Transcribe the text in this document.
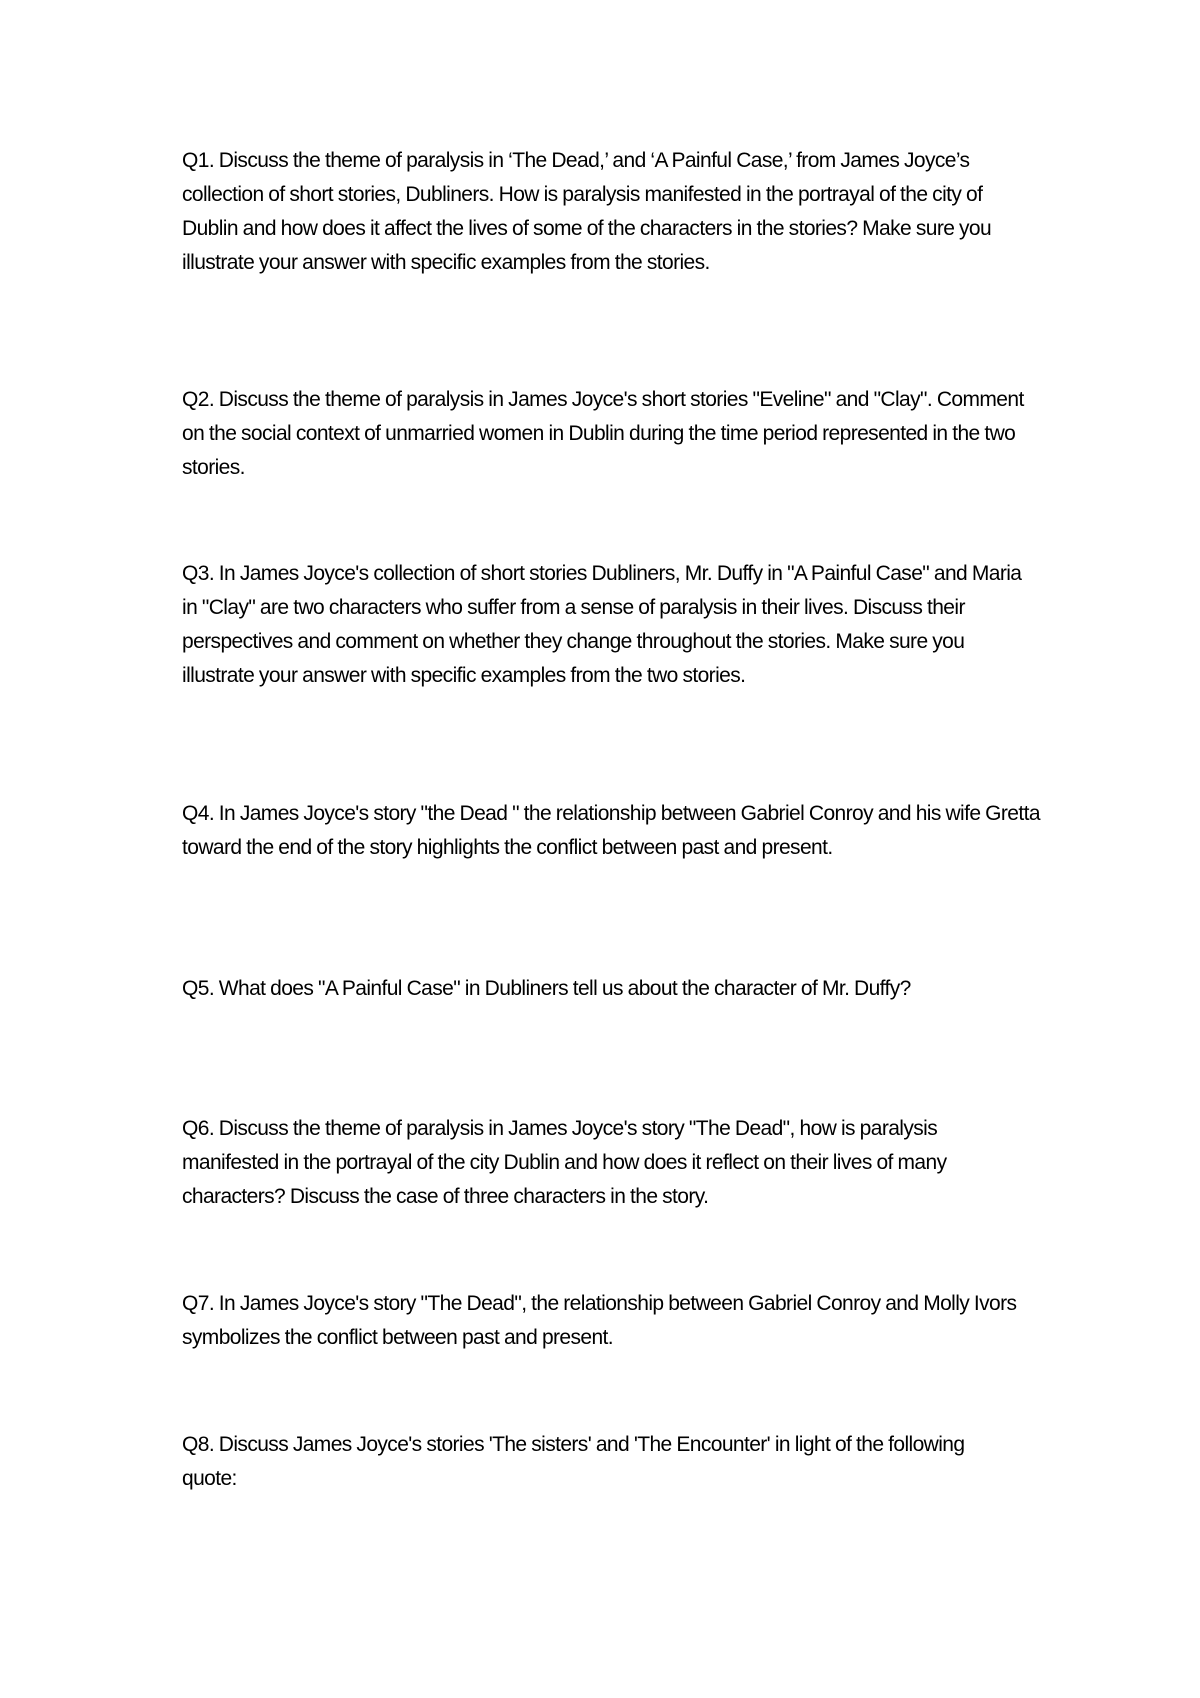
Q1. Discuss the theme of paralysis in ‘The Dead,’ and ‘A Painful Case,’ from James Joyce’s collection of short stories, Dubliners. How is paralysis manifested in the portrayal of the city of Dublin and how does it affect the lives of some of the characters in the stories? Make sure you illustrate your answer with specific examples from the stories.

Q2. Discuss the theme of paralysis in James Joyce's short stories "Eveline" and "Clay". Comment on the social context of unmarried women in Dublin during the time period represented in the two stories.

Q3. In James Joyce's collection of short stories Dubliners, Mr. Duffy in "A Painful Case" and Maria in "Clay" are two characters who suffer from a sense of paralysis in their lives. Discuss their perspectives and comment on whether they change throughout the stories. Make sure you illustrate your answer with specific examples from the two stories.

Q4. In James Joyce's story "the Dead " the relationship between Gabriel Conroy and his wife Gretta toward the end of the story highlights the conflict between past and present.

Q5. What does "A Painful Case" in Dubliners tell us about the character of Mr. Duffy?

Q6. Discuss the theme of paralysis in James Joyce's story "The Dead", how is paralysis manifested in the portrayal of the city Dublin and how does it reflect on their lives of many characters? Discuss the case of three characters in the story.

Q7. In James Joyce's story "The Dead", the relationship between Gabriel Conroy and Molly Ivors symbolizes the conflict between past and present.

Q8. Discuss James Joyce's stories 'The sisters' and 'The Encounter' in light of the following quote:
